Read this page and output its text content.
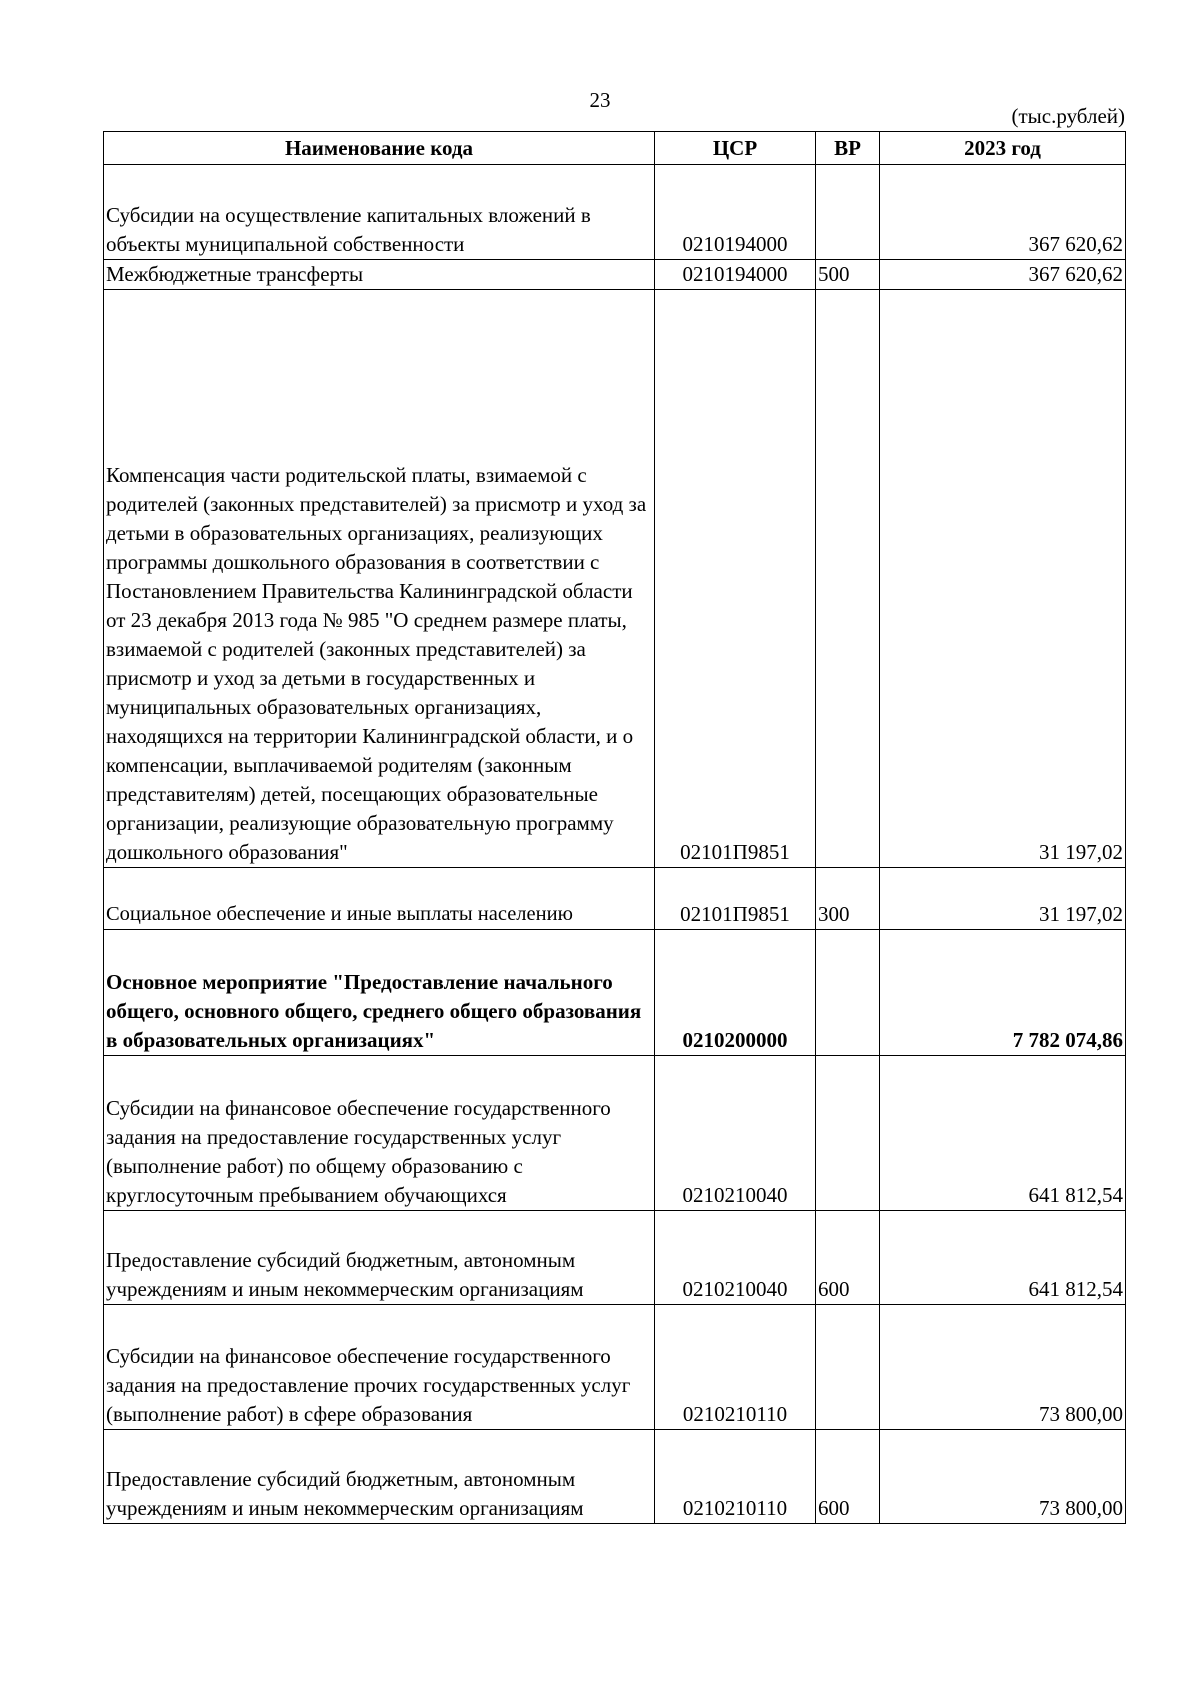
23
(тыс.рублей)
Наименование кода	ЦСР	ВР	2023 год
Субсидии на осуществление капитальных вложений в объекты муниципальной собственности	0210194000		367 620,62
Межбюджетные трансферты	0210194000	500	367 620,62
Компенсация части родительской платы, взимаемой с родителей (законных представителей) за присмотр и уход за детьми в образовательных организациях, реализующих программы дошкольного образования в соответствии с Постановлением Правительства Калининградской области от 23 декабря 2013 года № 985 "О среднем размере платы, взимаемой с родителей (законных представителей) за присмотр и уход за детьми в государственных и муниципальных образовательных организациях, находящихся на территории Калининградской области, и о компенсации, выплачиваемой родителям (законным представителям) детей, посещающих образовательные организации, реализующие образовательную программу дошкольного образования"	02101П9851		31 197,02
Социальное обеспечение и иные выплаты населению	02101П9851	300	31 197,02
Основное мероприятие "Предоставление начального общего, основного общего, среднего общего образования в образовательных организациях"	0210200000		7 782 074,86
Субсидии на финансовое обеспечение государственного задания на предоставление государственных услуг (выполнение работ) по общему образованию с круглосуточным пребыванием обучающихся	0210210040		641 812,54
Предоставление субсидий бюджетным, автономным учреждениям и иным некоммерческим организациям	0210210040	600	641 812,54
Субсидии на финансовое обеспечение государственного задания на предоставление прочих государственных услуг (выполнение работ) в сфере образования	0210210110		73 800,00
Предоставление субсидий бюджетным, автономным учреждениям и иным некоммерческим организациям	0210210110	600	73 800,00
